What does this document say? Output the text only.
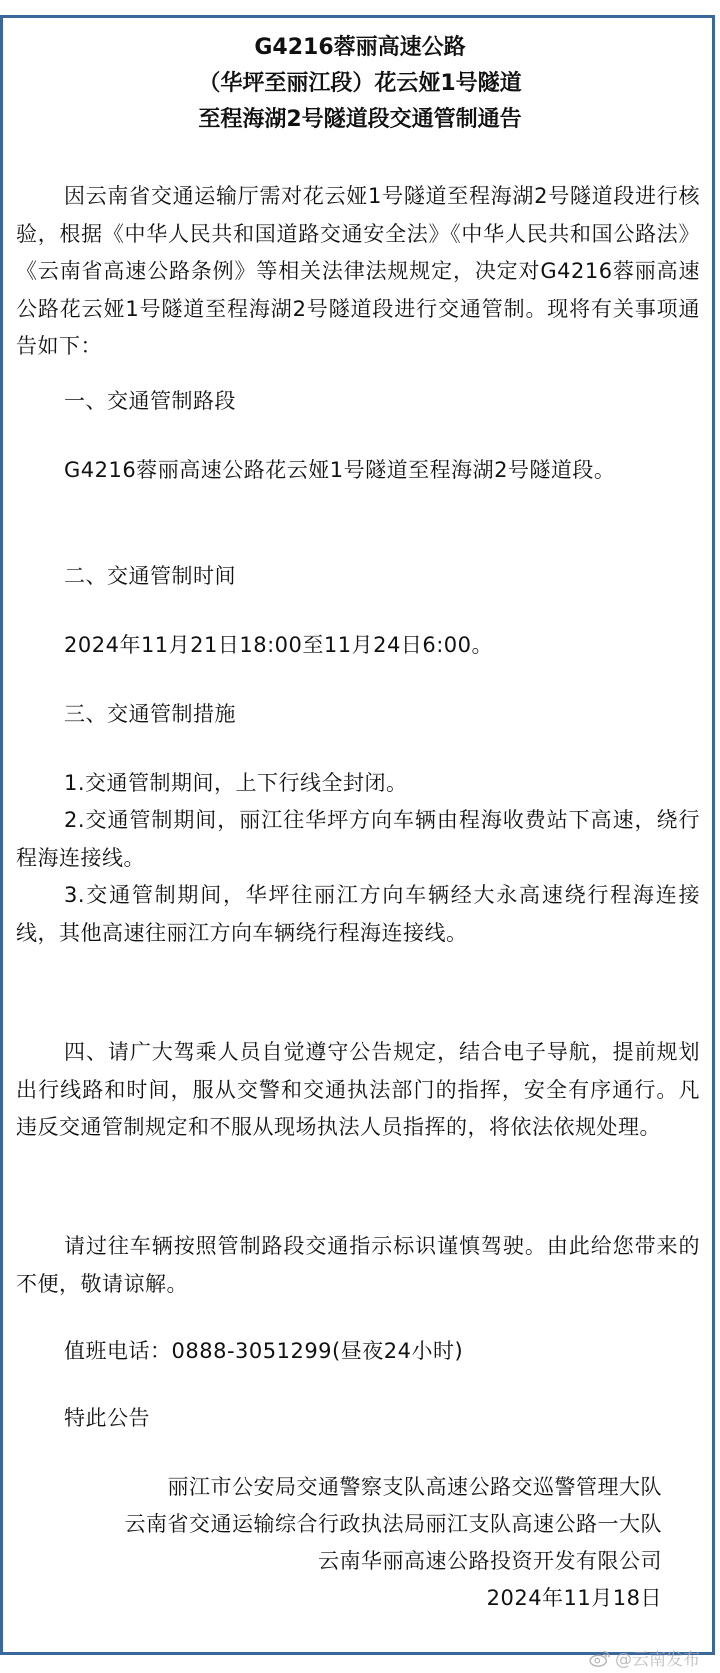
G4216蓉丽高速公路
（华坪至丽江段）花云娅1号隧道
至程海湖2号隧道段交通管制通告
因云南省交通运输厅需对花云娅1号隧道至程海湖2号隧道段进行核验，根据《中华人民共和国道路交通安全法》《中华人民共和国公路法》《云南省高速公路条例》等相关法律法规规定，决定对G4216蓉丽高速公路花云娅1号隧道至程海湖2号隧道段进行交通管制。现将有关事项通告如下：
一、交通管制路段
G4216蓉丽高速公路花云娅1号隧道至程海湖2号隧道段。
二、交通管制时间
2024年11月21日18:00至11月24日6:00。
三、交通管制措施
1.交通管制期间，上下行线全封闭。
2.交通管制期间，丽江往华坪方向车辆由程海收费站下高速，绕行程海连接线。
3.交通管制期间，华坪往丽江方向车辆经大永高速绕行程海连接线，其他高速往丽江方向车辆绕行程海连接线。
四、请广大驾乘人员自觉遵守公告规定，结合电子导航，提前规划出行线路和时间，服从交警和交通执法部门的指挥，安全有序通行。凡违反交通管制规定和不服从现场执法人员指挥的，将依法依规处理。
请过往车辆按照管制路段交通指示标识谨慎驾驶。由此给您带来的不便，敬请谅解。
值班电话：0888-3051299(昼夜24小时)
特此公告
丽江市公安局交通警察支队高速公路交巡警管理大队
云南省交通运输综合行政执法局丽江支队高速公路一大队
云南华丽高速公路投资开发有限公司
2024年11月18日
@云南发布
